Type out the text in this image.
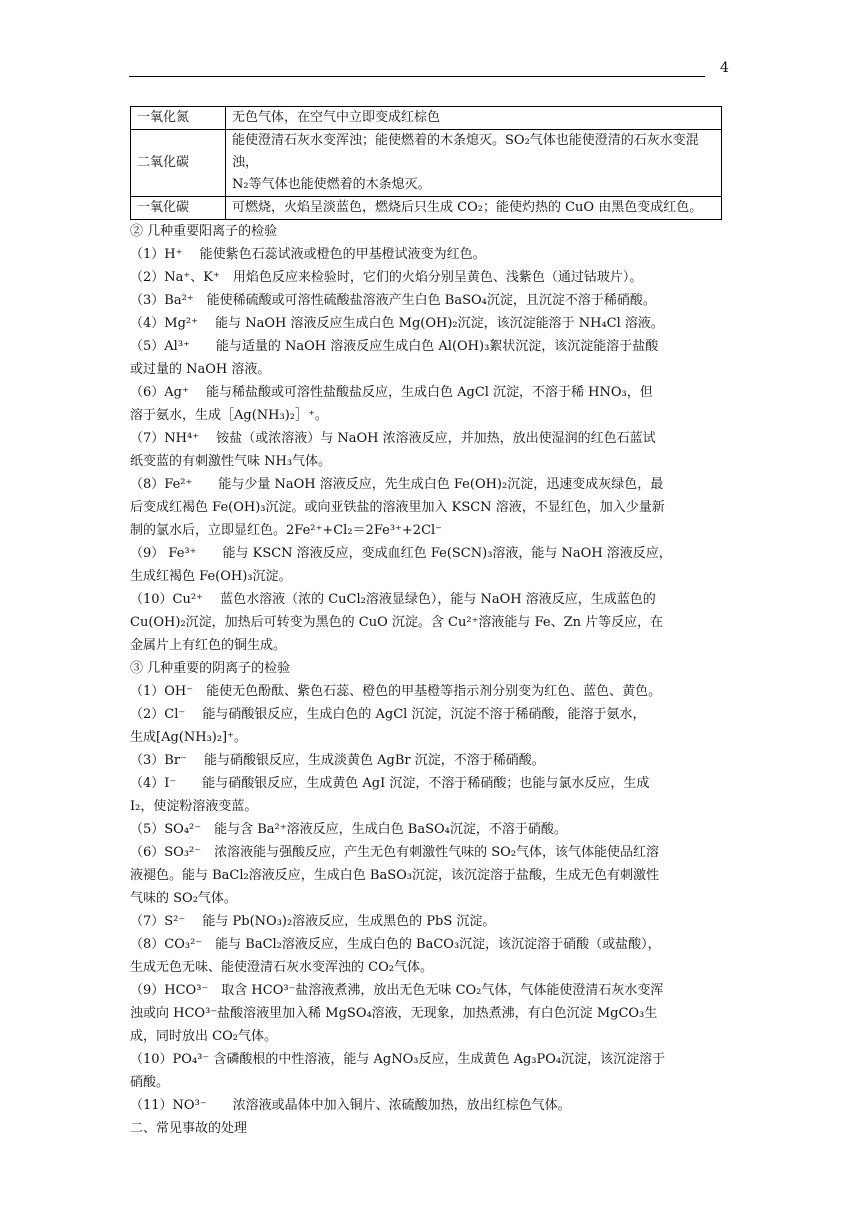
4
一氧化氮	无色气体，在空气中立即变成红棕色

二氧化碳	能使澄清石灰水变浑浊；能使燃着的木条熄灭。SO₂气体也能使澄清的石灰水变混浊，
N₂等气体也能使燃着的木条熄灭。

一氧化碳	可燃烧，火焰呈淡蓝色，燃烧后只生成 CO₂；能使灼热的 CuO 由黑色变成红色。

② 几种重要阳离子的检验

（1）H⁺　 能使紫色石蕊试液或橙色的甲基橙试液变为红色。

（2）Na⁺、K⁺　用焰色反应来检验时，它们的火焰分别呈黄色、浅紫色（通过钴玻片）。

（3）Ba²⁺　能使稀硫酸或可溶性硫酸盐溶液产生白色 BaSO₄沉淀，且沉淀不溶于稀硝酸。

（4）Mg²⁺　 能与 NaOH 溶液反应生成白色 Mg(OH)₂沉淀，该沉淀能溶于 NH₄Cl 溶液。

（5）Al³⁺　　能与适量的 NaOH 溶液反应生成白色 Al(OH)₃絮状沉淀，该沉淀能溶于盐酸

或过量的 NaOH 溶液。

（6）Ag⁺　 能与稀盐酸或可溶性盐酸盐反应，生成白色 AgCl 沉淀，不溶于稀 HNO₃，但

溶于氨水，生成［Ag(NH₃)₂］⁺。

（7）NH⁴⁺　 铵盐（或浓溶液）与 NaOH 浓溶液反应，并加热，放出使湿润的红色石蓝试

纸变蓝的有刺激性气味 NH₃气体。

（8）Fe²⁺　　能与少量 NaOH 溶液反应，先生成白色 Fe(OH)₂沉淀，迅速变成灰绿色，最

后变成红褐色 Fe(OH)₃沉淀。或向亚铁盐的溶液里加入 KSCN 溶液，不显红色，加入少量新

制的氯水后，立即显红色。2Fe²⁺+Cl₂＝2Fe³⁺+2Cl⁻

（9） Fe³⁺　　能与 KSCN 溶液反应，变成血红色 Fe(SCN)₃溶液，能与 NaOH 溶液反应，

生成红褐色 Fe(OH)₃沉淀。

（10）Cu²⁺　 蓝色水溶液（浓的 CuCl₂溶液显绿色），能与 NaOH 溶液反应，生成蓝色的

Cu(OH)₂沉淀，加热后可转变为黑色的 CuO 沉淀。含 Cu²⁺溶液能与 Fe、Zn 片等反应，在

金属片上有红色的铜生成。

③ 几种重要的阴离子的检验

（1）OH⁻　能使无色酚酞、紫色石蕊、橙色的甲基橙等指示剂分别变为红色、蓝色、黄色。

（2）Cl⁻　 能与硝酸银反应，生成白色的 AgCl 沉淀，沉淀不溶于稀硝酸，能溶于氨水，

生成[Ag(NH₃)₂]⁺。

（3）Br⁻　 能与硝酸银反应，生成淡黄色 AgBr 沉淀，不溶于稀硝酸。

（4）I⁻　　能与硝酸银反应，生成黄色 AgI 沉淀，不溶于稀硝酸；也能与氯水反应，生成

I₂，使淀粉溶液变蓝。

（5）SO₄²⁻　能与含 Ba²⁺溶液反应，生成白色 BaSO₄沉淀，不溶于硝酸。

（6）SO₃²⁻　浓溶液能与强酸反应，产生无色有刺激性气味的 SO₂气体，该气体能使品红溶

液褪色。能与 BaCl₂溶液反应，生成白色 BaSO₃沉淀，该沉淀溶于盐酸，生成无色有刺激性

气味的 SO₂气体。

（7）S²⁻　 能与 Pb(NO₃)₂溶液反应，生成黑色的 PbS 沉淀。

（8）CO₃²⁻　能与 BaCl₂溶液反应，生成白色的 BaCO₃沉淀，该沉淀溶于硝酸（或盐酸），

生成无色无味、能使澄清石灰水变浑浊的 CO₂气体。

（9）HCO³⁻　取含 HCO³⁻盐溶液煮沸，放出无色无味 CO₂气体，气体能使澄清石灰水变浑

浊或向 HCO³⁻盐酸溶液里加入稀 MgSO₄溶液，无现象，加热煮沸，有白色沉淀 MgCO₃生

成，同时放出 CO₂气体。

（10）PO₄³⁻ 含磷酸根的中性溶液，能与 AgNO₃反应，生成黄色 Ag₃PO₄沉淀，该沉淀溶于

硝酸。

（11）NO³⁻　　浓溶液或晶体中加入铜片、浓硫酸加热，放出红棕色气体。

二、常见事故的处理
